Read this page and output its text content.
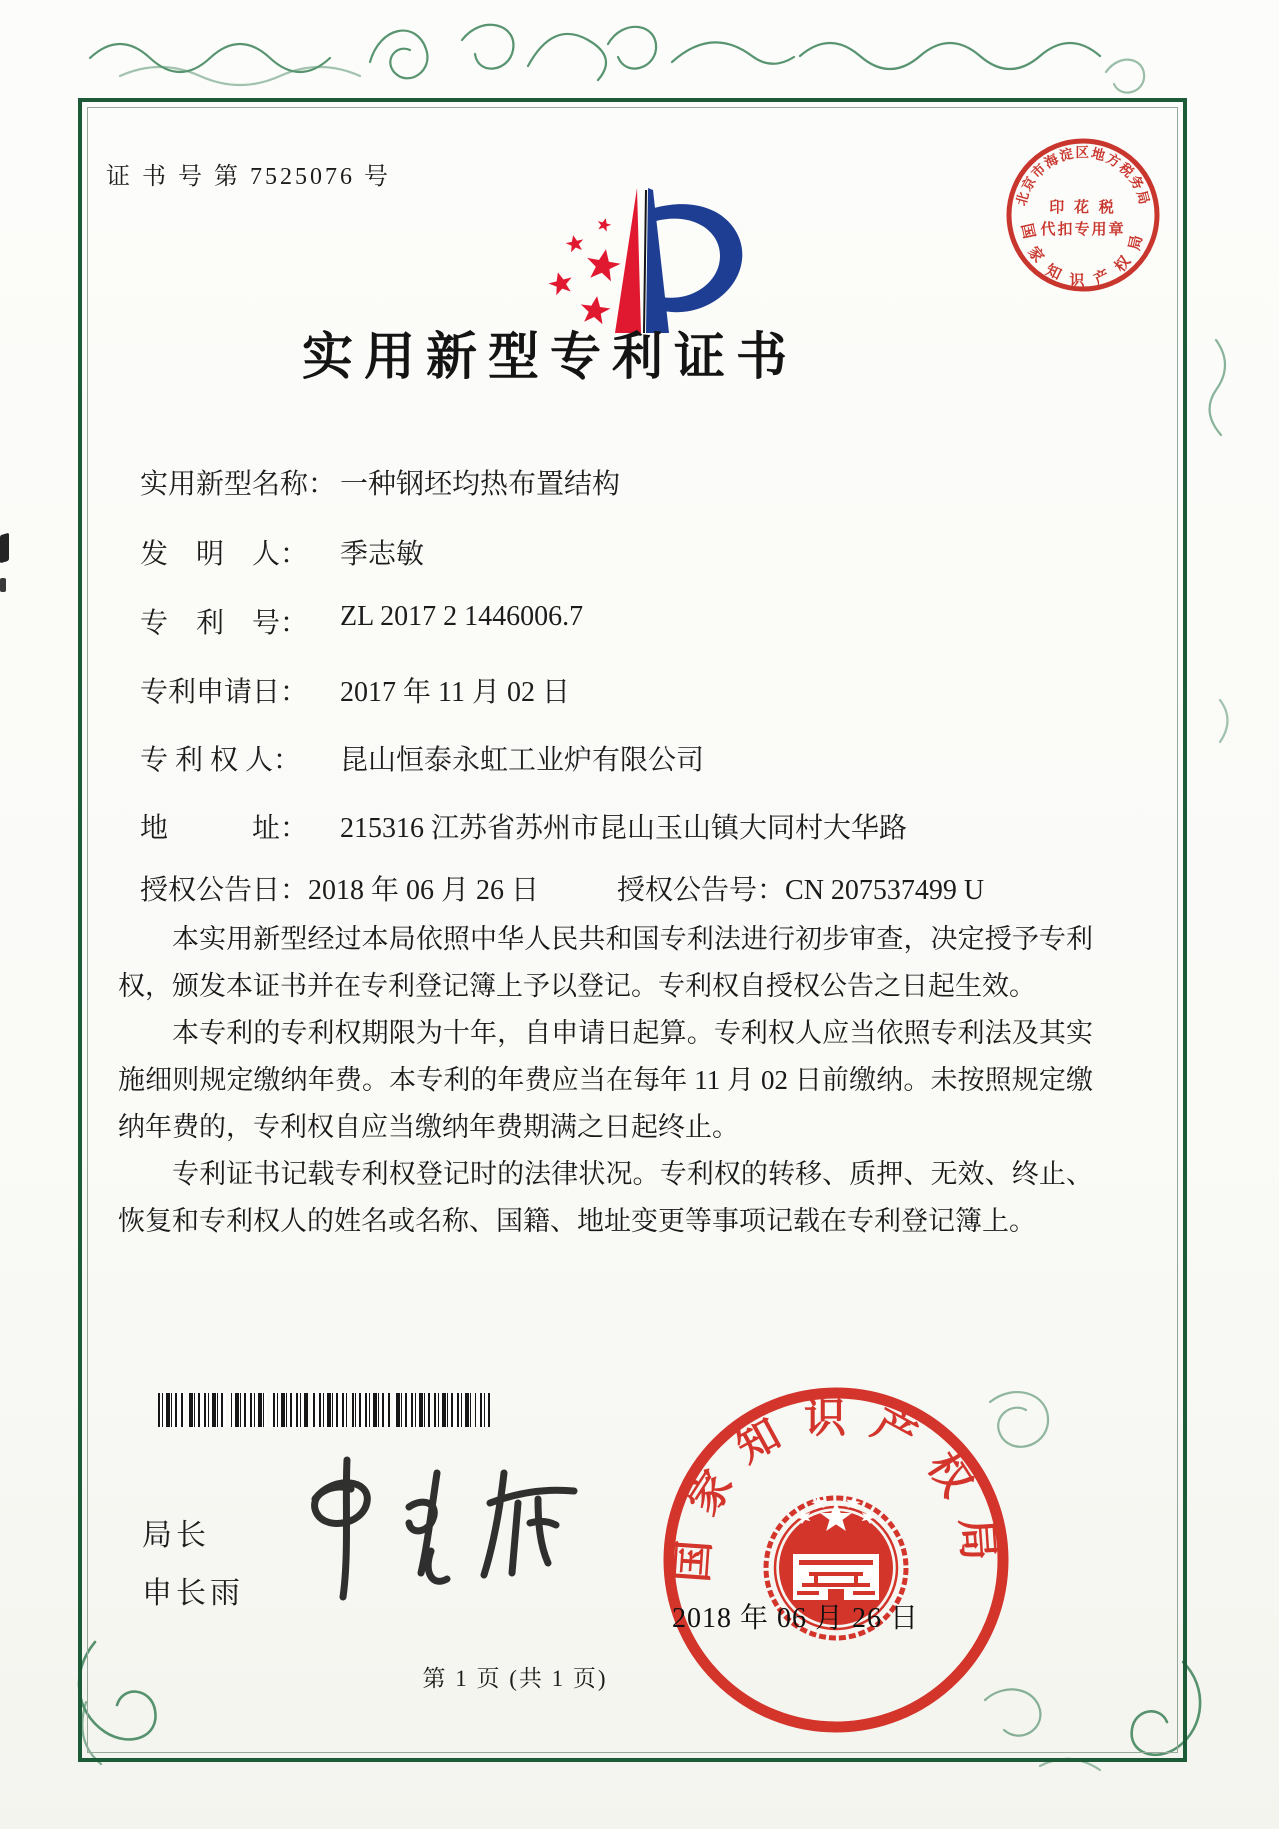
证 书 号 第 7525076 号
北京市海淀区地方税务局
印 花 税
代扣专用章
国家知识产权局
实用新型专利证书
实用新型名称： 一种钢坯均热布置结构
发　明　人：	季志敏
专　利　号：	ZL 2017 2 1446006.7
专利申请日：	2017 年 11 月 02 日
专 利 权 人：	昆山恒泰永虹工业炉有限公司
地　　　址：	215316 江苏省苏州市昆山玉山镇大同村大华路
授权公告日：2018 年 06 月 26 日	授权公告号：CN 207537499 U

本实用新型经过本局依照中华人民共和国专利法进行初步审查，决定授予专利权，颁发本证书并在专利登记簿上予以登记。专利权自授权公告之日起生效。

本专利的专利权期限为十年，自申请日起算。专利权人应当依照专利法及其实施细则规定缴纳年费。本专利的年费应当在每年 11 月 02 日前缴纳。未按照规定缴纳年费的，专利权自应当缴纳年费期满之日起终止。

专利证书记载专利权登记时的法律状况。专利权的转移、质押、无效、终止、恢复和专利权人的姓名或名称、国籍、地址变更等事项记载在专利登记簿上。

局长
申长雨
国家知识产权局
2018 年 06 月 26 日
第 1 页 (共 1 页)
